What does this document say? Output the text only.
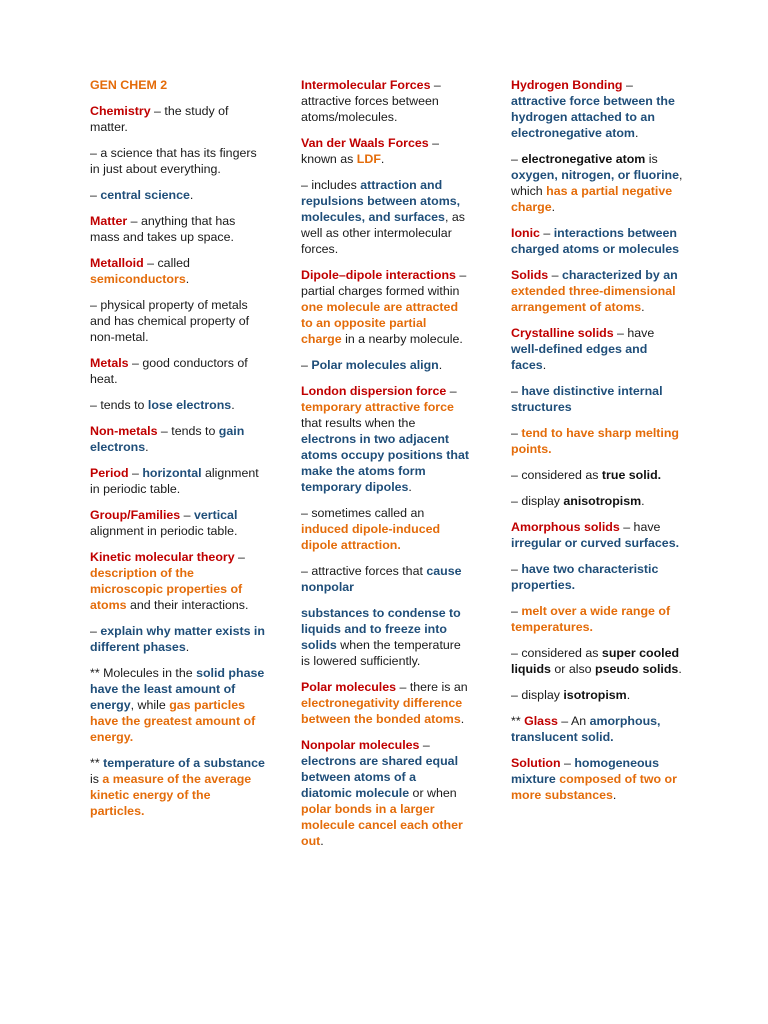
GEN CHEM 2

Chemistry – the study of matter.

– a science that has its fingers in just about everything.

– central science.

Matter – anything that has mass and takes up space.

Metalloid – called semiconductors.

– physical property of metals and has chemical property of non-metal.

Metals – good conductors of heat.

– tends to lose electrons.

Non-metals – tends to gain electrons.

Period – horizontal alignment in periodic table.

Group/Families – vertical alignment in periodic table.

Kinetic molecular theory – description of the microscopic properties of atoms and their interactions.

– explain why matter exists in different phases.

** Molecules in the solid phase have the least amount of energy, while gas particles have the greatest amount of energy.

** temperature of a substance is a measure of the average kinetic energy of the particles.

Intermolecular Forces – attractive forces between atoms/molecules.

Van der Waals Forces – known as LDF.

– includes attraction and repulsions between atoms, molecules, and surfaces, as well as other intermolecular forces.

Dipole–dipole interactions – partial charges formed within one molecule are attracted to an opposite partial charge in a nearby molecule.

– Polar molecules align.

London dispersion force – temporary attractive force that results when the electrons in two adjacent atoms occupy positions that make the atoms form temporary dipoles.

– sometimes called an induced dipole-induced dipole attraction.

– attractive forces that cause nonpolar

substances to condense to liquids and to freeze into solids when the temperature is lowered sufficiently.

Polar molecules – there is an electronegativity difference between the bonded atoms.

Nonpolar molecules – electrons are shared equal between atoms of a diatomic molecule or when polar bonds in a larger molecule cancel each other out.

Hydrogen Bonding – attractive force between the hydrogen attached to an electronegative atom.

– electronegative atom is oxygen, nitrogen, or fluorine, which has a partial negative charge.

Ionic – interactions between charged atoms or molecules

Solids – characterized by an extended three-dimensional arrangement of atoms.

Crystalline solids – have well-defined edges and faces.

– have distinctive internal structures

– tend to have sharp melting points.

– considered as true solid.

– display anisotropism.

Amorphous solids – have irregular or curved surfaces.

– have two characteristic properties.

– melt over a wide range of temperatures.

– considered as super cooled liquids or also pseudo solids.

– display isotropism.

** Glass – An amorphous, translucent solid.

Solution – homogeneous mixture composed of two or more substances.
